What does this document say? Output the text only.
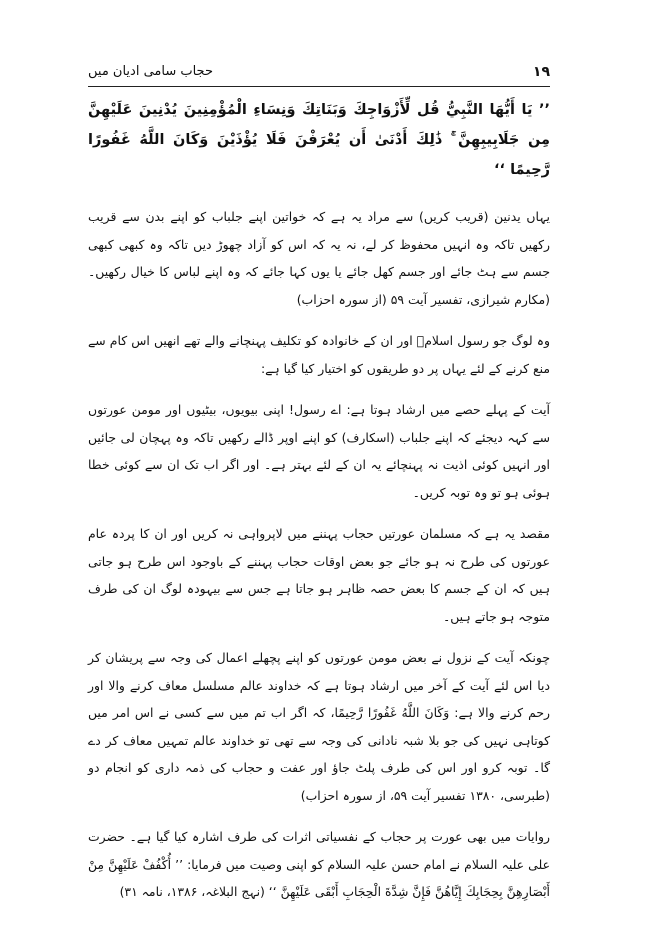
۱۹
حجاب سامی ادیان میں

’’ يَا أَيُّهَا النَّبِيُّ قُل لِّأَزْوَاجِكَ وَبَنَاتِكَ وَنِسَاءِ الْمُؤْمِنِينَ يُدْنِينَ عَلَيْهِنَّ مِن جَلَابِيبِهِنَّ ۚ ذَٰلِكَ أَدْنَىٰ أَن يُعْرَفْنَ فَلَا يُؤْذَيْنَ وَكَانَ اللَّهُ غَفُورًا رَّحِيمًا ‘‘

یہاں یدنین (قریب کریں) سے مراد یہ ہے کہ خواتین اپنے جلباب کو اپنے بدن سے قریب رکھیں تاکہ وہ انہیں محفوظ کر لے، نہ یہ کہ اس کو آزاد چھوڑ دیں تاکہ وہ کبھی کبھی جسم سے ہٹ جائے اور جسم کھل جائے یا یوں کہا جائے کہ وہ اپنے لباس کا خیال رکھیں۔ (مکارم شیرازی، تفسیر آیت ۵۹ (از سورہ احزاب)

وہ لوگ جو رسول اسلامؐ اور ان کے خانوادہ کو تکلیف پہنچانے والے تھے انھیں اس کام سے منع کرنے کے لئے یہاں پر دو طریقوں کو اختیار کیا گیا ہے:

آیت کے پہلے حصے میں ارشاد ہوتا ہے: اے رسول! اپنی بیویوں، بیٹیوں اور مومن عورتوں سے کہہ دیجئے کہ اپنے جلباب (اسکارف) کو اپنے اوپر ڈالے رکھیں تاکہ وہ پہچان لی جائیں اور انہیں کوئی اذیت نہ پہنچائے یہ ان کے لئے بہتر ہے۔ اور اگر اب تک ان سے کوئی خطا ہوئی ہو تو وہ توبہ کریں۔

مقصد یہ ہے کہ مسلمان عورتیں حجاب پہننے میں لاپرواہی نہ کریں اور ان کا پردہ عام عورتوں کی طرح نہ ہو جائے جو بعض اوقات حجاب پہننے کے باوجود اس طرح ہو جاتی ہیں کہ ان کے جسم کا بعض حصہ ظاہر ہو جاتا ہے جس سے بیہودہ لوگ ان کی طرف متوجہ ہو جاتے ہیں۔

چونکہ آیت کے نزول نے بعض مومن عورتوں کو اپنے پچھلے اعمال کی وجہ سے پریشان کر دیا اس لئے آیت کے آخر میں ارشاد ہوتا ہے کہ خداوند عالم مسلسل معاف کرنے والا اور رحم کرنے والا ہے: وَكَانَ اللَّهُ غَفُورًا رَّحِيمًا، کہ اگر اب تم میں سے کسی نے اس امر میں کوتاہی نہیں کی جو بلا شبہ نادانی کی وجہ سے تھی تو خداوند عالم تمہیں معاف کر دے گا۔ توبہ کرو اور اس کی طرف پلٹ جاؤ اور عفت و حجاب کی ذمہ داری کو انجام دو (طبرسی، ۱۳۸۰ تفسیر آیت ۵۹، از سورہ احزاب)

روایات میں بھی عورت پر حجاب کے نفسیاتی اثرات کی طرف اشارہ کیا گیا ہے۔ حضرت علی علیہ السلام نے امام حسن علیہ السلام کو اپنی وصیت میں فرمایا: ’’ أُكْفُفْ عَلَيْهِنَّ مِنْ أَبْصَارِهِنَّ بِحِجَابِكَ إِيَّاهُنَّ فَإِنَّ شِدَّةَ الْحِجَابِ أَبْقَى عَلَيْهِنَّ ‘‘ (نہج البلاغہ، ۱۳۸۶، نامہ ۳۱)
